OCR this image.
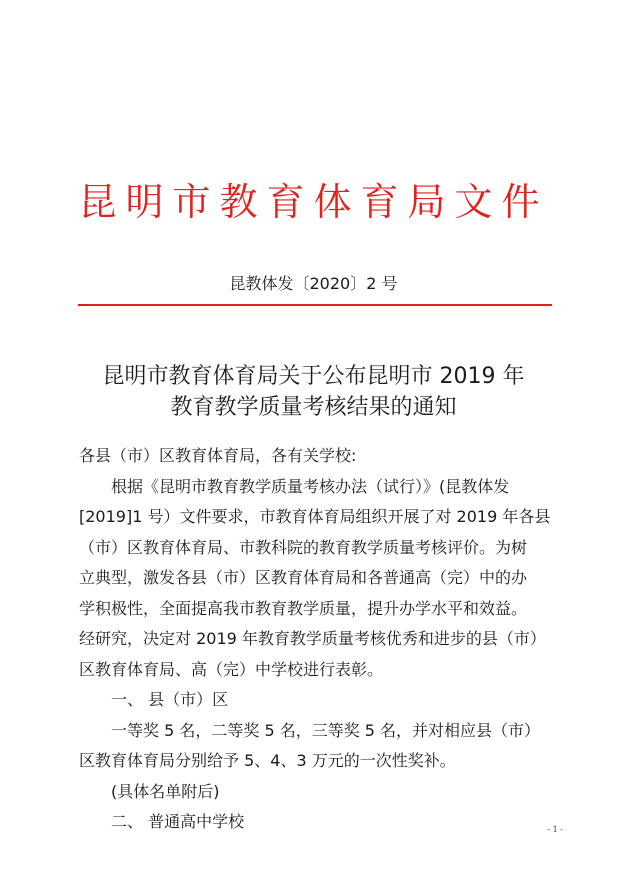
昆明市教育体育局文件
昆教体发〔2020〕2 号
昆明市教育体育局关于公布昆明市 2019 年
教育教学质量考核结果的通知
各县（市）区教育体育局，各有关学校:
根据《昆明市教育教学质量考核办法（试行）》(昆教体发
[2019]1 号）文件要求，市教育体育局组织开展了对 2019 年各县
（市）区教育体育局、市教科院的教育教学质量考核评价。为树
立典型，激发各县（市）区教育体育局和各普通高（完）中的办
学积极性，全面提高我市教育教学质量，提升办学水平和效益。
经研究，决定对 2019 年教育教学质量考核优秀和进步的县（市）
区教育体育局、高（完）中学校进行表彰。
一、 县（市）区
一等奖 5 名，二等奖 5 名，三等奖 5 名，并对相应县（市）
区教育体育局分别给予 5、4、3 万元的一次性奖补。
(具体名单附后)
二、 普通高中学校	- 1 -
